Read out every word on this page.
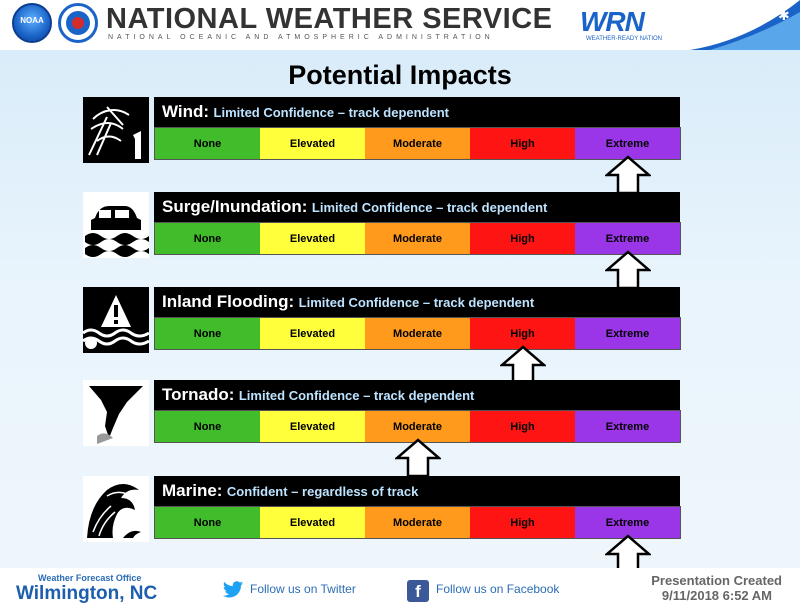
NOAA NATIONAL WEATHER SERVICE
NATIONAL OCEANIC AND ATMOSPHERIC ADMINISTRATION
WRN
WEATHER-READY NATION
✱
Potential Impacts
Wind: Limited Confidence – track dependent
None	Elevated	Moderate	High	Extreme
Surge/Inundation: Limited Confidence – track dependent
None	Elevated	Moderate	High	Extreme
Inland Flooding: Limited Confidence – track dependent
None	Elevated	Moderate	High	Extreme
Tornado: Limited Confidence – track dependent
None	Elevated	Moderate	High	Extreme
Marine: Confident – regardless of track
None	Elevated	Moderate	High	Extreme
Weather Forecast Office
Wilmington, NC	Follow us on Twitter	f	Follow us on Facebook
Presentation Created
9/11/2018 6:52 AM
